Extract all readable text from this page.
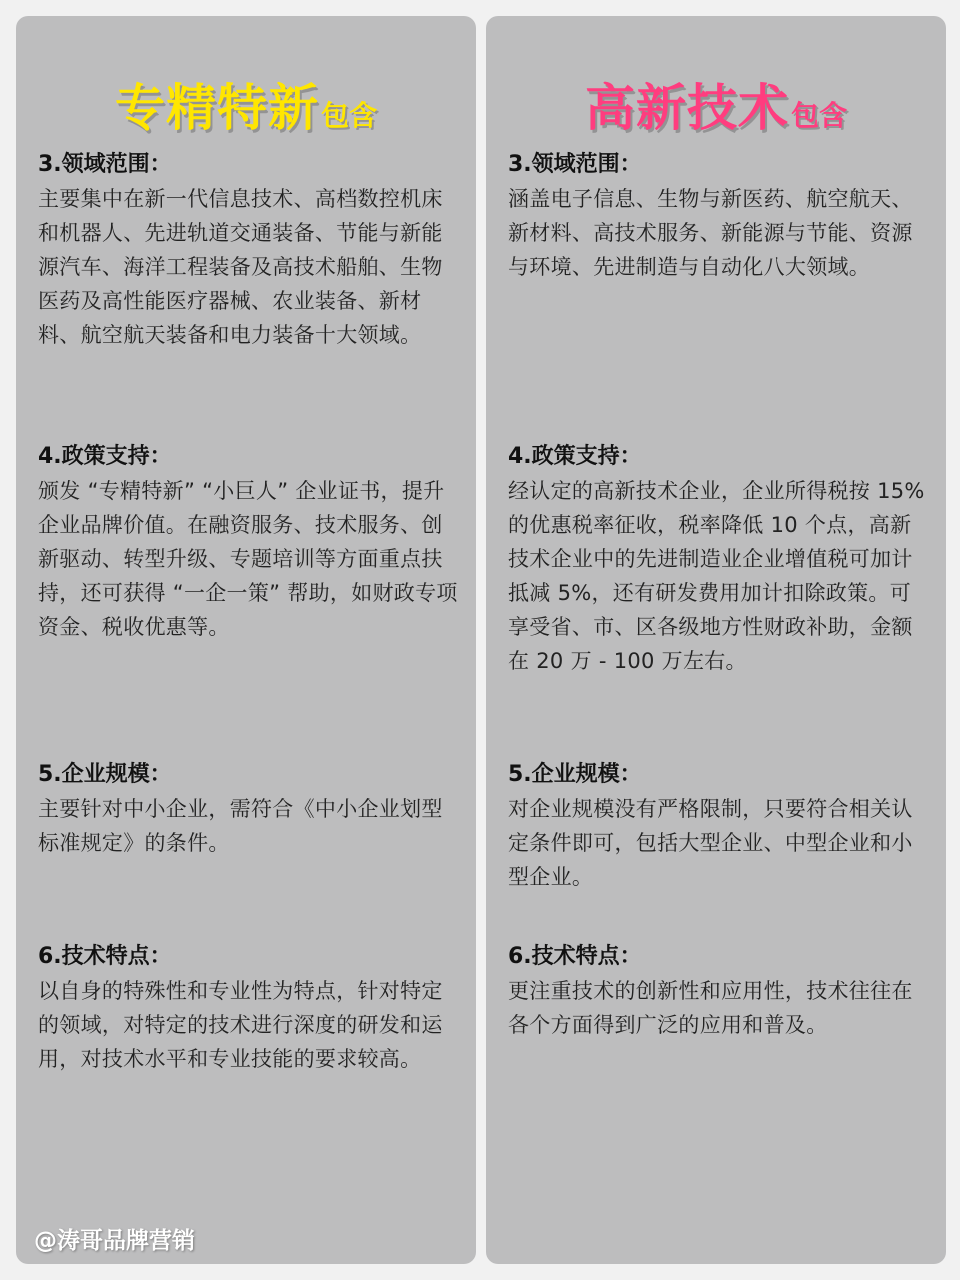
专精特新包含
3.领域范围：
主要集中在新一代信息技术、高档数控机床和机器人、先进轨道交通装备、节能与新能源汽车、海洋工程装备及高技术船舶、生物医药及高性能医疗器械、农业装备、新材料、航空航天装备和电力装备十大领域。
4.政策支持：
颁发 “专精特新” “小巨人” 企业证书，提升企业品牌价值。在融资服务、技术服务、创新驱动、转型升级、专题培训等方面重点扶持，还可获得 “一企一策” 帮助，如财政专项资金、税收优惠等。
5.企业规模：
主要针对中小企业，需符合《中小企业划型标准规定》的条件。
6.技术特点：
以自身的特殊性和专业性为特点，针对特定的领域，对特定的技术进行深度的研发和运用，对技术水平和专业技能的要求较高。
高新技术包含
3.领域范围：
涵盖电子信息、生物与新医药、航空航天、新材料、高技术服务、新能源与节能、资源与环境、先进制造与自动化八大领域。
4.政策支持：
经认定的高新技术企业，企业所得税按 15% 的优惠税率征收，税率降低 10 个点，高新技术企业中的先进制造业企业增值税可加计抵减 5%，还有研发费用加计扣除政策。可享受省、市、区各级地方性财政补助，金额在 20 万 - 100 万左右。
5.企业规模：
对企业规模没有严格限制，只要符合相关认定条件即可，包括大型企业、中型企业和小型企业。
6.技术特点：
更注重技术的创新性和应用性，技术往往在各个方面得到广泛的应用和普及。
@涛哥品牌营销
